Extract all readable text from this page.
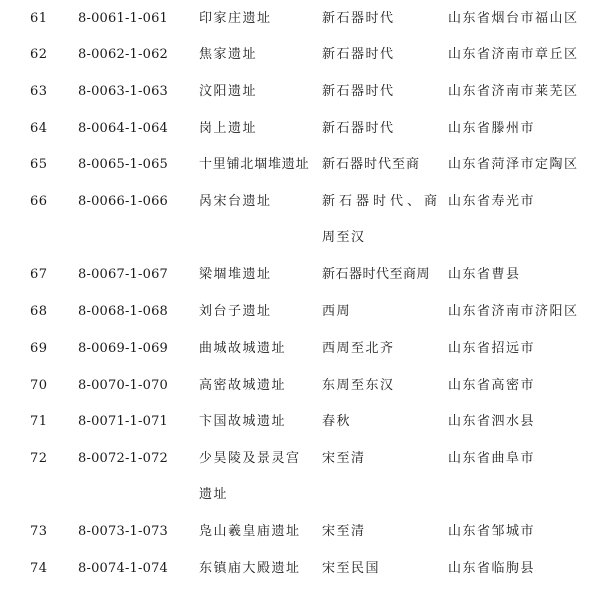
61 8-0061-1-061 印家庄遗址	新石器时代	山东省烟台市福山区
62 8-0062-1-062 焦家遗址	新石器时代	山东省济南市章丘区
63 8-0063-1-063 汶阳遗址	新石器时代	山东省济南市莱芜区
64 8-0064-1-064 岗上遗址	新石器时代	山东省滕州市
65 8-0065-1-065 十里铺北堌堆遗址 新石器时代至商 山东省菏泽市定陶区
66 8-0066-1-066 呙宋台遗址	新石器时代、商
周至汉
山东省寿光市
67 8-0067-1-067 梁堌堆遗址	新石器时代至商周 山东省曹县
68 8-0068-1-068 刘台子遗址	西周	山东省济南市济阳区
69 8-0069-1-069 曲城故城遗址	西周至北齐	山东省招远市
70 8-0070-1-070 高密故城遗址	东周至东汉	山东省高密市
71 8-0071-1-071 卞国故城遗址	春秋	山东省泗水县
72 8-0072-1-072 少昊陵及景灵宫
遗址
宋至清	山东省曲阜市
73 8-0073-1-073 凫山羲皇庙遗址 宋至清	山东省邹城市
74 8-0074-1-074 东镇庙大殿遗址 宋至民国	山东省临朐县
